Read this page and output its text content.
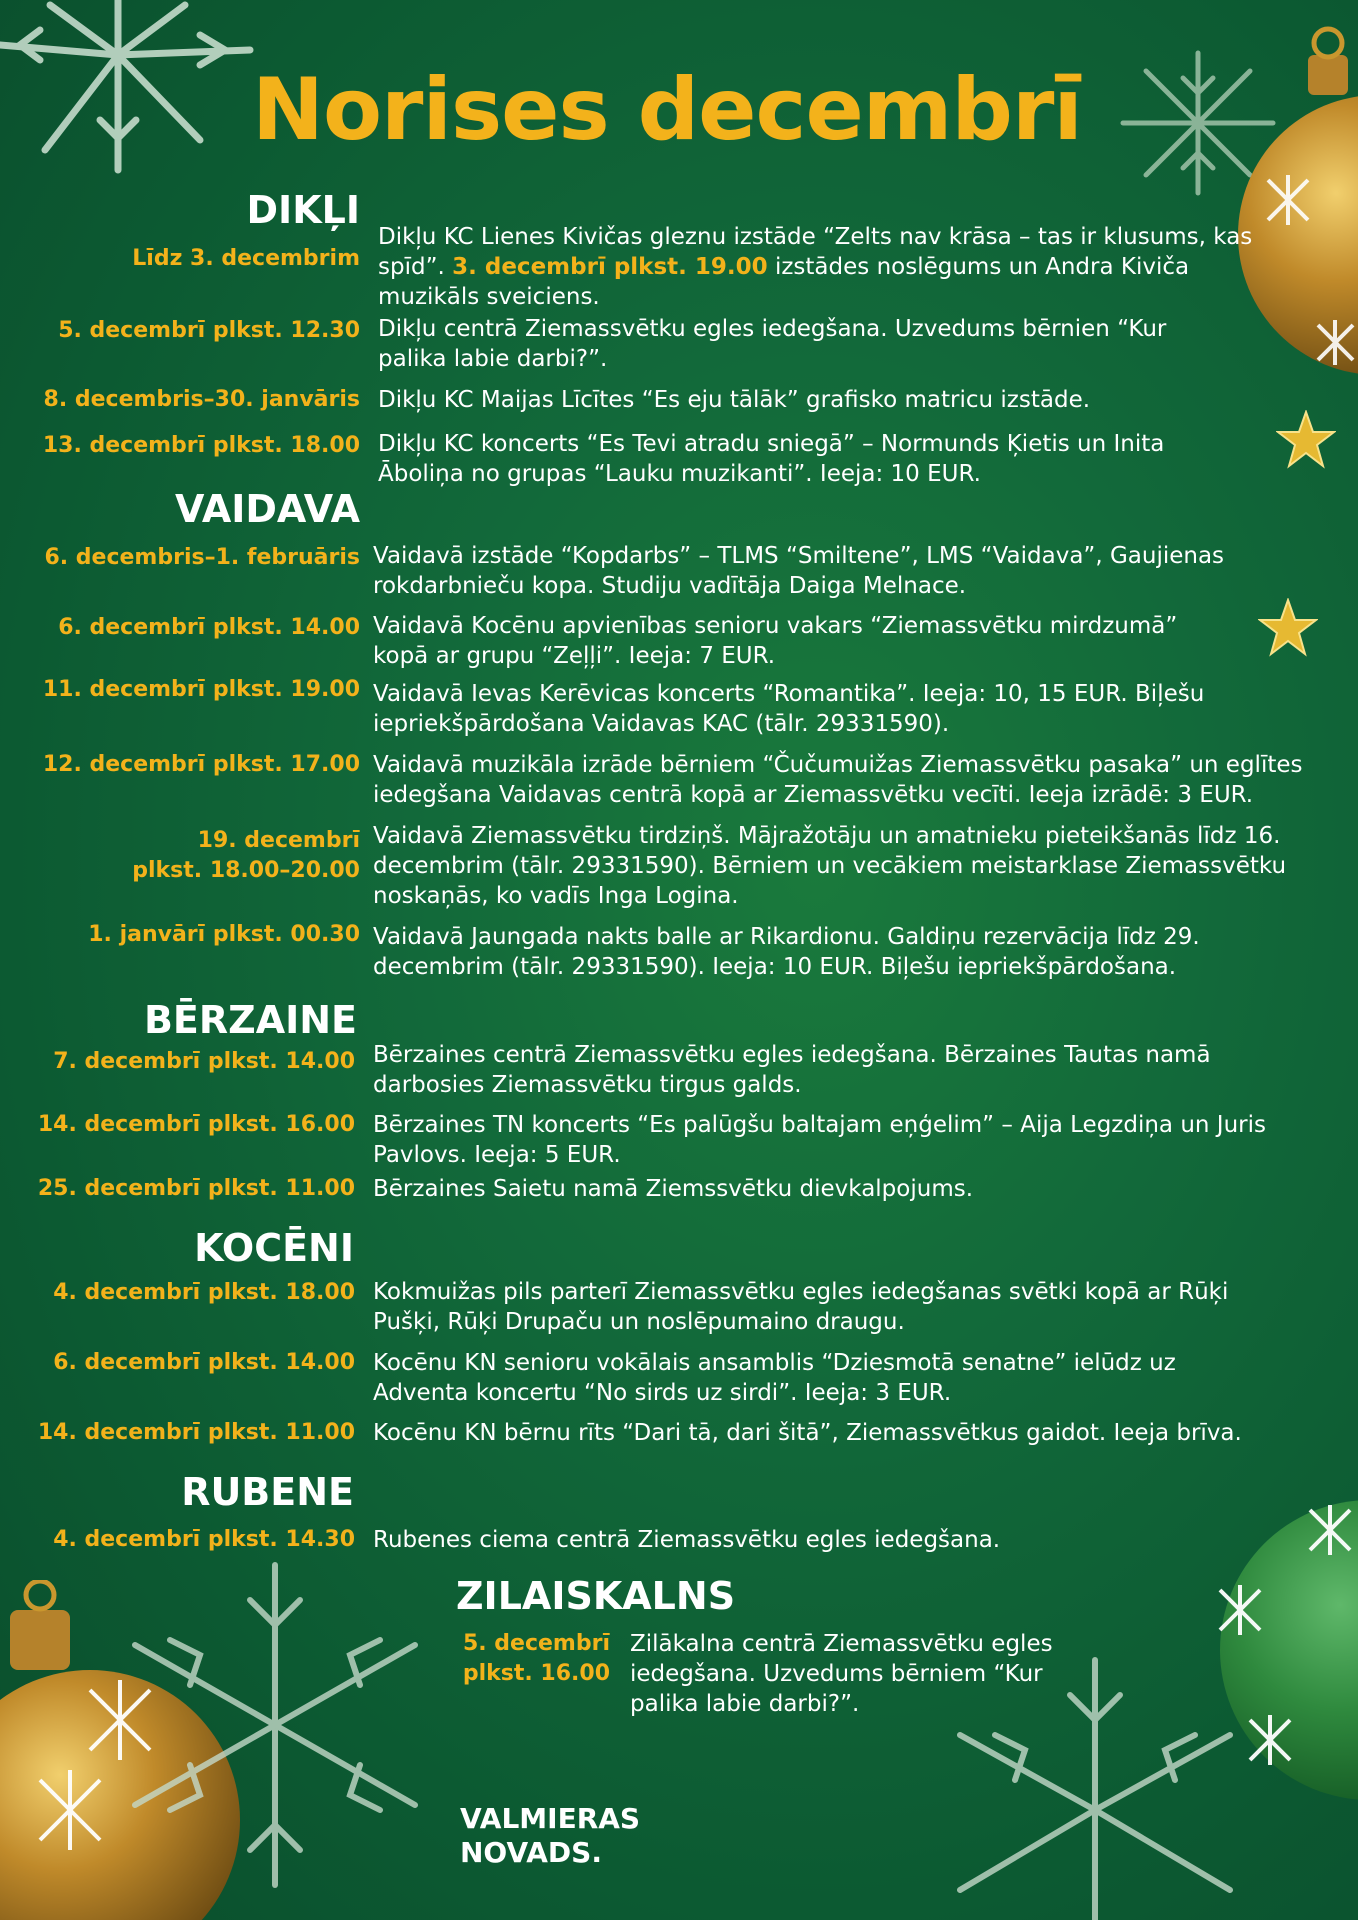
Norises decembrī
DIKĻI
Līdz 3. decembrim
Dikļu KC Lienes Kivičas gleznu izstāde “Zelts nav krāsa – tas ir klusums, kas spīd”. 3. decembrī plkst. 19.00 izstādes noslēgums un Andra Kiviča muzikāls sveiciens.
5. decembrī plkst. 12.30 Dikļu centrā Ziemassvētku egles iedegšana. Uzvedums bērnien “Kur palika labie darbi?”.
8. decembris–30. janvāris Dikļu KC Maijas Līcītes “Es eju tālāk” grafisko matricu izstāde.
13. decembrī plkst. 18.00 Dikļu KC koncerts “Es Tevi atradu sniegā” – Normunds Ķietis un Inita Āboliņa no grupas “Lauku muzikanti”. Ieeja: 10 EUR.
VAIDAVA
6. decembris–1. februāris Vaidavā izstāde “Kopdarbs” – TLMS “Smiltene”, LMS “Vaidava”, Gaujienas rokdarbnieču kopa. Studiju vadītāja Daiga Melnace.
6. decembrī plkst. 14.00 Vaidavā Kocēnu apvienības senioru vakars “Ziemassvētku mirdzumā” kopā ar grupu “Zeļļi”. Ieeja: 7 EUR.
11. decembrī plkst. 19.00 Vaidavā Ievas Kerēvicas koncerts “Romantika”. Ieeja: 10, 15 EUR. Biļešu iepriekšpārdošana Vaidavas KAC (tālr. 29331590).
12. decembrī plkst. 17.00 Vaidavā muzikāla izrāde bērniem “Čučumuižas Ziemassvētku pasaka” un eglītes iedegšana Vaidavas centrā kopā ar Ziemassvētku vecīti. Ieeja izrādē: 3 EUR.
19. decembrī
plkst. 18.00–20.00
Vaidavā Ziemassvētku tirdziņš. Mājražotāju un amatnieku pieteikšanās līdz 16. decembrim (tālr. 29331590). Bērniem un vecākiem meistarklase Ziemassvētku noskaņās, ko vadīs Inga Logina.
1. janvārī plkst. 00.30 Vaidavā Jaungada nakts balle ar Rikardionu. Galdiņu rezervācija līdz 29. decembrim (tālr. 29331590). Ieeja: 10 EUR. Biļešu iepriekšpārdošana.
BĒRZAINE
7. decembrī plkst. 14.00 Bērzaines centrā Ziemassvētku egles iedegšana. Bērzaines Tautas namā darbosies Ziemassvētku tirgus galds.
14. decembrī plkst. 16.00 Bērzaines TN koncerts “Es palūgšu baltajam eņģelim” – Aija Legzdiņa un Juris Pavlovs. Ieeja: 5 EUR.
25. decembrī plkst. 11.00 Bērzaines Saietu namā Ziemssvētku dievkalpojums.
KOCĒNI
4. decembrī plkst. 18.00 Kokmuižas pils parterī Ziemassvētku egles iedegšanas svētki kopā ar Rūķi Pušķi, Rūķi Drupaču un noslēpumaino draugu.
6. decembrī plkst. 14.00 Kocēnu KN senioru vokālais ansamblis “Dziesmotā senatne” ielūdz uz Adventa koncertu “No sirds uz sirdi”. Ieeja: 3 EUR.
14. decembrī plkst. 11.00 Kocēnu KN bērnu rīts “Dari tā, dari šitā”, Ziemassvētkus gaidot. Ieeja brīva.
RUBENE
4. decembrī plkst. 14.30 Rubenes ciema centrā Ziemassvētku egles iedegšana.
ZILAISKALNS
5. decembrī
plkst. 16.00
Zilākalna centrā Ziemassvētku egles iedegšana. Uzvedums bērniem “Kur palika labie darbi?”.
VALMIERAS
NOVADS.
